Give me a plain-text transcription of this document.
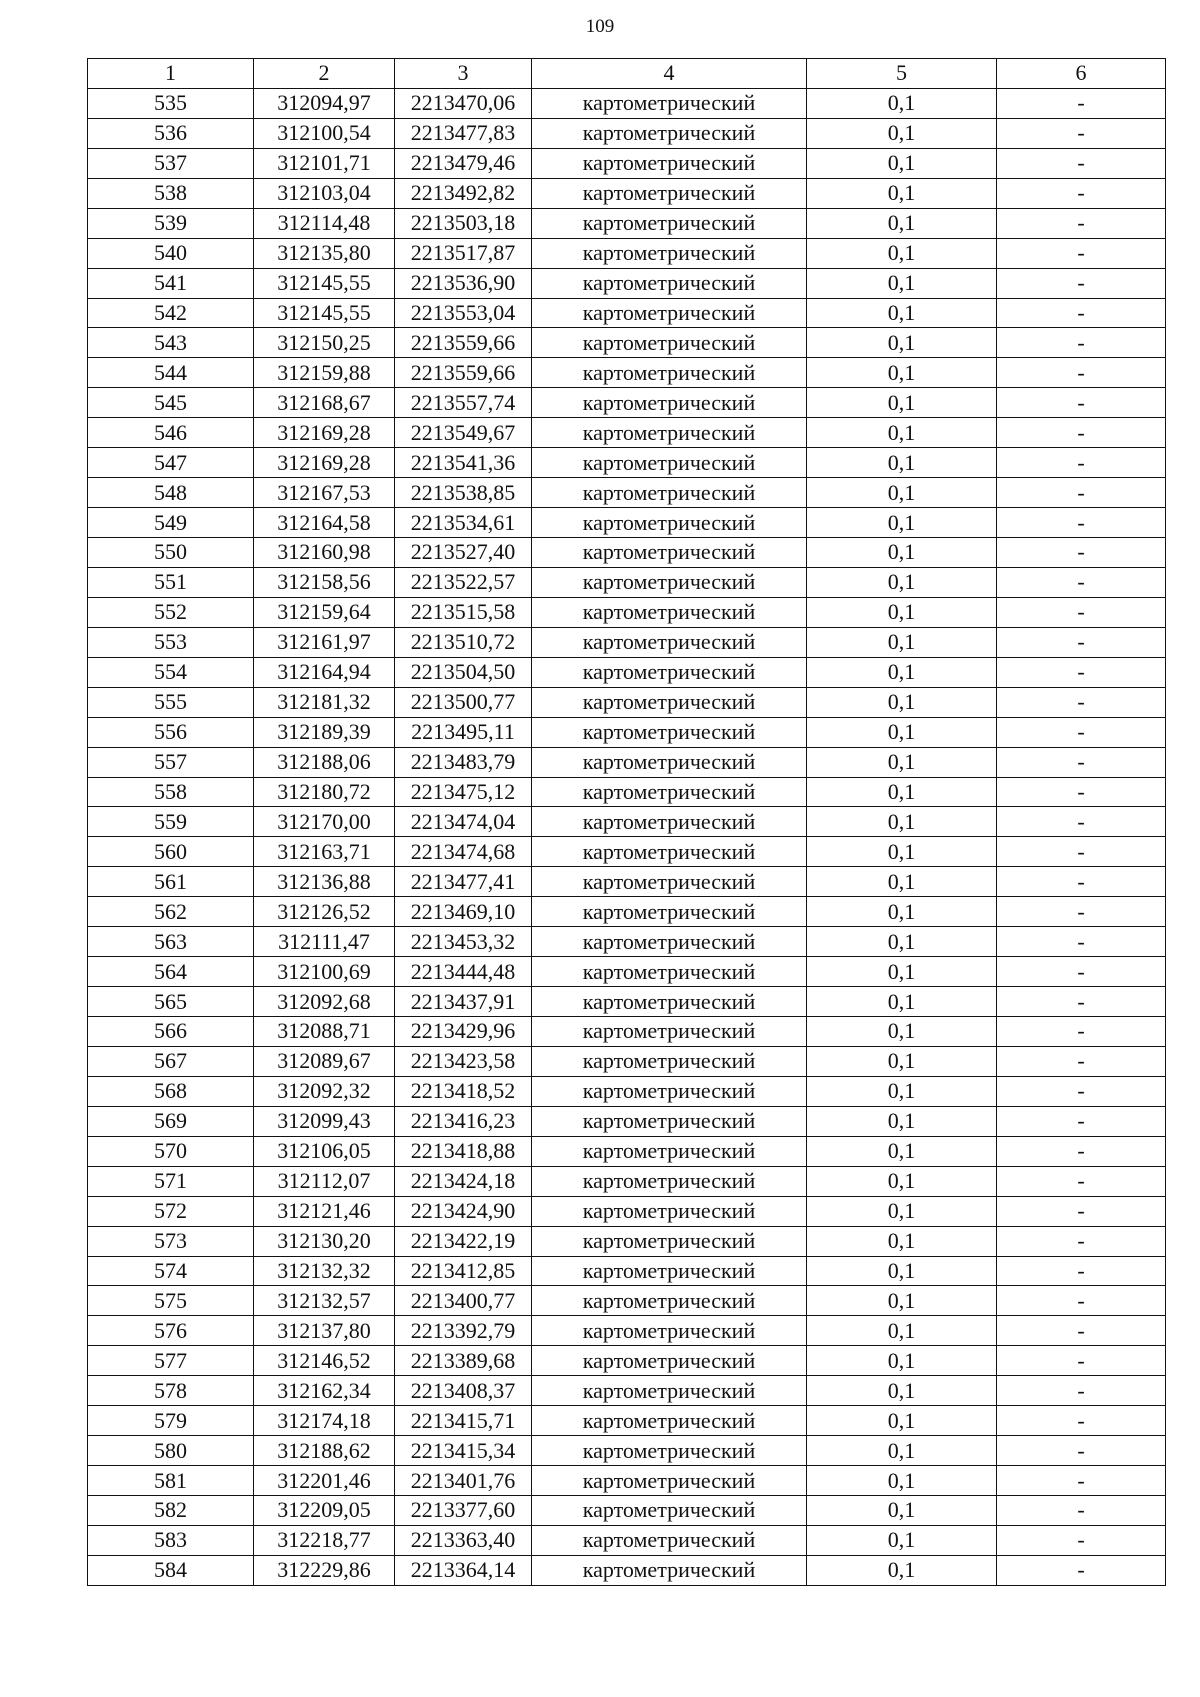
109
1	2	3	4	5	6
535	312094,97	2213470,06	картометрический	0,1	-
536	312100,54	2213477,83	картометрический	0,1	-
537	312101,71	2213479,46	картометрический	0,1	-
538	312103,04	2213492,82	картометрический	0,1	-
539	312114,48	2213503,18	картометрический	0,1	-
540	312135,80	2213517,87	картометрический	0,1	-
541	312145,55	2213536,90	картометрический	0,1	-
542	312145,55	2213553,04	картометрический	0,1	-
543	312150,25	2213559,66	картометрический	0,1	-
544	312159,88	2213559,66	картометрический	0,1	-
545	312168,67	2213557,74	картометрический	0,1	-
546	312169,28	2213549,67	картометрический	0,1	-
547	312169,28	2213541,36	картометрический	0,1	-
548	312167,53	2213538,85	картометрический	0,1	-
549	312164,58	2213534,61	картометрический	0,1	-
550	312160,98	2213527,40	картометрический	0,1	-
551	312158,56	2213522,57	картометрический	0,1	-
552	312159,64	2213515,58	картометрический	0,1	-
553	312161,97	2213510,72	картометрический	0,1	-
554	312164,94	2213504,50	картометрический	0,1	-
555	312181,32	2213500,77	картометрический	0,1	-
556	312189,39	2213495,11	картометрический	0,1	-
557	312188,06	2213483,79	картометрический	0,1	-
558	312180,72	2213475,12	картометрический	0,1	-
559	312170,00	2213474,04	картометрический	0,1	-
560	312163,71	2213474,68	картометрический	0,1	-
561	312136,88	2213477,41	картометрический	0,1	-
562	312126,52	2213469,10	картометрический	0,1	-
563	312111,47	2213453,32	картометрический	0,1	-
564	312100,69	2213444,48	картометрический	0,1	-
565	312092,68	2213437,91	картометрический	0,1	-
566	312088,71	2213429,96	картометрический	0,1	-
567	312089,67	2213423,58	картометрический	0,1	-
568	312092,32	2213418,52	картометрический	0,1	-
569	312099,43	2213416,23	картометрический	0,1	-
570	312106,05	2213418,88	картометрический	0,1	-
571	312112,07	2213424,18	картометрический	0,1	-
572	312121,46	2213424,90	картометрический	0,1	-
573	312130,20	2213422,19	картометрический	0,1	-
574	312132,32	2213412,85	картометрический	0,1	-
575	312132,57	2213400,77	картометрический	0,1	-
576	312137,80	2213392,79	картометрический	0,1	-
577	312146,52	2213389,68	картометрический	0,1	-
578	312162,34	2213408,37	картометрический	0,1	-
579	312174,18	2213415,71	картометрический	0,1	-
580	312188,62	2213415,34	картометрический	0,1	-
581	312201,46	2213401,76	картометрический	0,1	-
582	312209,05	2213377,60	картометрический	0,1	-
583	312218,77	2213363,40	картометрический	0,1	-
584	312229,86	2213364,14	картометрический	0,1	-
